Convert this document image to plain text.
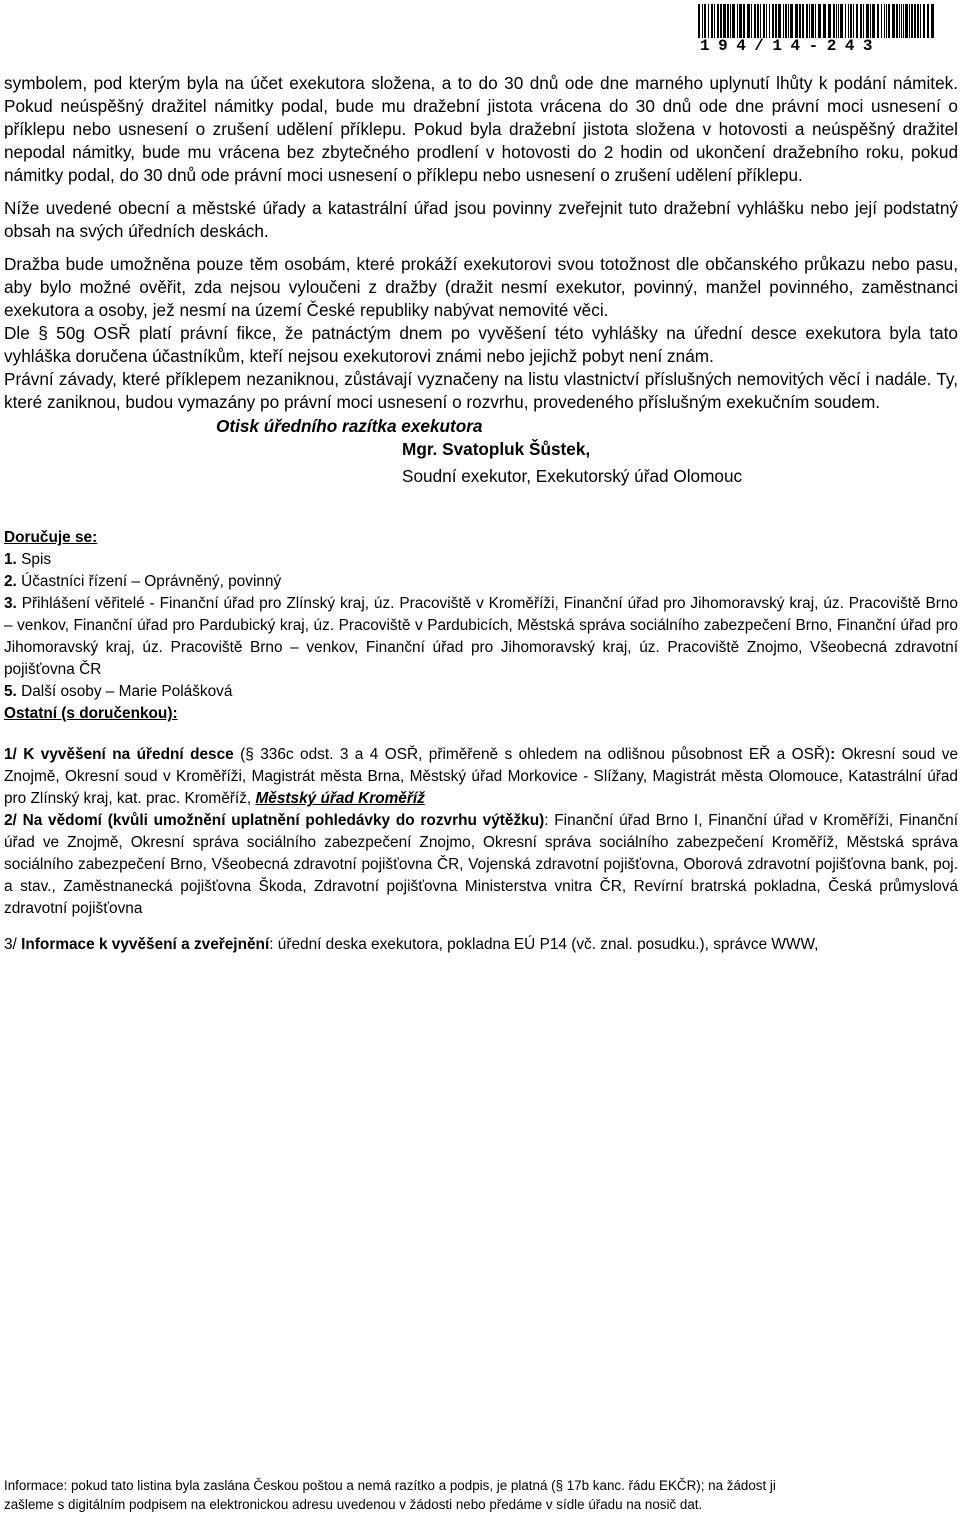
194/14-243

symbolem, pod kterým byla na účet exekutora složena, a to do 30 dnů ode dne marného uplynutí lhůty k podání námitek. Pokud neúspěšný dražitel námitky podal, bude mu dražební jistota vrácena do 30 dnů ode dne právní moci usnesení o příklepu nebo usnesení o zrušení udělení příklepu. Pokud byla dražební jistota složena v hotovosti a neúspěšný dražitel nepodal námitky, bude mu vrácena bez zbytečného prodlení v hotovosti do 2 hodin od ukončení dražebního roku, pokud námitky podal, do 30 dnů ode právní moci usnesení o příklepu nebo usnesení o zrušení udělení příklepu.

Níže uvedené obecní a městské úřady a katastrální úřad jsou povinny zveřejnit tuto dražební vyhlášku nebo její podstatný obsah na svých úředních deskách.

Dražba bude umožněna pouze těm osobám, které prokáží exekutorovi svou totožnost dle občanského průkazu nebo pasu, aby bylo možné ověřit, zda nejsou vyloučeni z dražby (dražit nesmí exekutor, povinný, manžel povinného, zaměstnanci exekutora a osoby, jež nesmí na území České republiky nabývat nemovité věci.

Dle § 50g OSŘ platí právní fikce, že patnáctým dnem po vyvěšení této vyhlášky na úřední desce exekutora byla tato vyhláška doručena účastníkům, kteří nejsou exekutorovi známi nebo jejichž pobyt není znám.

Právní závady, které příklepem nezaniknou, zůstávají vyznačeny na listu vlastnictví příslušných nemovitých věcí i nadále. Ty, které zaniknou, budou vymazány po právní moci usnesení o rozvrhu, provedeného příslušným exekučním soudem.

Otisk úředního razítka exekutora

Mgr. Svatopluk Šůstek,

Soudní exekutor, Exekutorský úřad Olomouc

Doručuje se:

1. Spis

2. Účastníci řízení – Oprávněný, povinný

3. Přihlášení věřitelé - Finanční úřad pro Zlínský kraj, úz. Pracoviště v Kroměříži, Finanční úřad pro Jihomoravský kraj, úz. Pracoviště Brno – venkov, Finanční úřad pro Pardubický kraj, úz. Pracoviště v Pardubicích, Městská správa sociálního zabezpečení Brno, Finanční úřad pro Jihomoravský kraj, úz. Pracoviště Brno – venkov, Finanční úřad pro Jihomoravský kraj, úz. Pracoviště Znojmo, Všeobecná zdravotní pojišťovna ČR

5. Další osoby – Marie Polášková

Ostatní (s doručenkou):

1/ K vyvěšení na úřední desce (§ 336c odst. 3 a 4 OSŘ, přiměřeně s ohledem na odlišnou působnost EŘ a OSŘ): Okresní soud ve Znojmě, Okresní soud v Kroměříži, Magistrát města Brna, Městský úřad Morkovice - Slížany, Magistrát města Olomouce, Katastrální úřad pro Zlínský kraj, kat. prac. Kroměříž, Městský úřad Kroměříž

2/ Na vědomí (kvůli umožnění uplatnění pohledávky do rozvrhu výtěžku): Finanční úřad Brno I, Finanční úřad v Kroměříži, Finanční úřad ve Znojmě, Okresní správa sociálního zabezpečení Znojmo, Okresní správa sociálního zabezpečení Kroměříž, Městská správa sociálního zabezpečení Brno, Všeobecná zdravotní pojišťovna ČR, Vojenská zdravotní pojišťovna, Oborová zdravotní pojišťovna bank, poj. a stav., Zaměstnanecká pojišťovna Škoda, Zdravotní pojišťovna Ministerstva vnitra ČR, Revírní bratrská pokladna, Česká průmyslová zdravotní pojišťovna

3/ Informace k vyvěšení a zveřejnění: úřední deska exekutora, pokladna EÚ P14 (vč. znal. posudku.), správce WWW,

Informace: pokud tato listina byla zaslána Českou poštou a nemá razítko a podpis, je platná (§ 17b kanc. řádu EKČR); na žádost ji

zašleme s digitálním podpisem na elektronickou adresu uvedenou v žádosti nebo předáme v sídle úřadu na nosič dat.
